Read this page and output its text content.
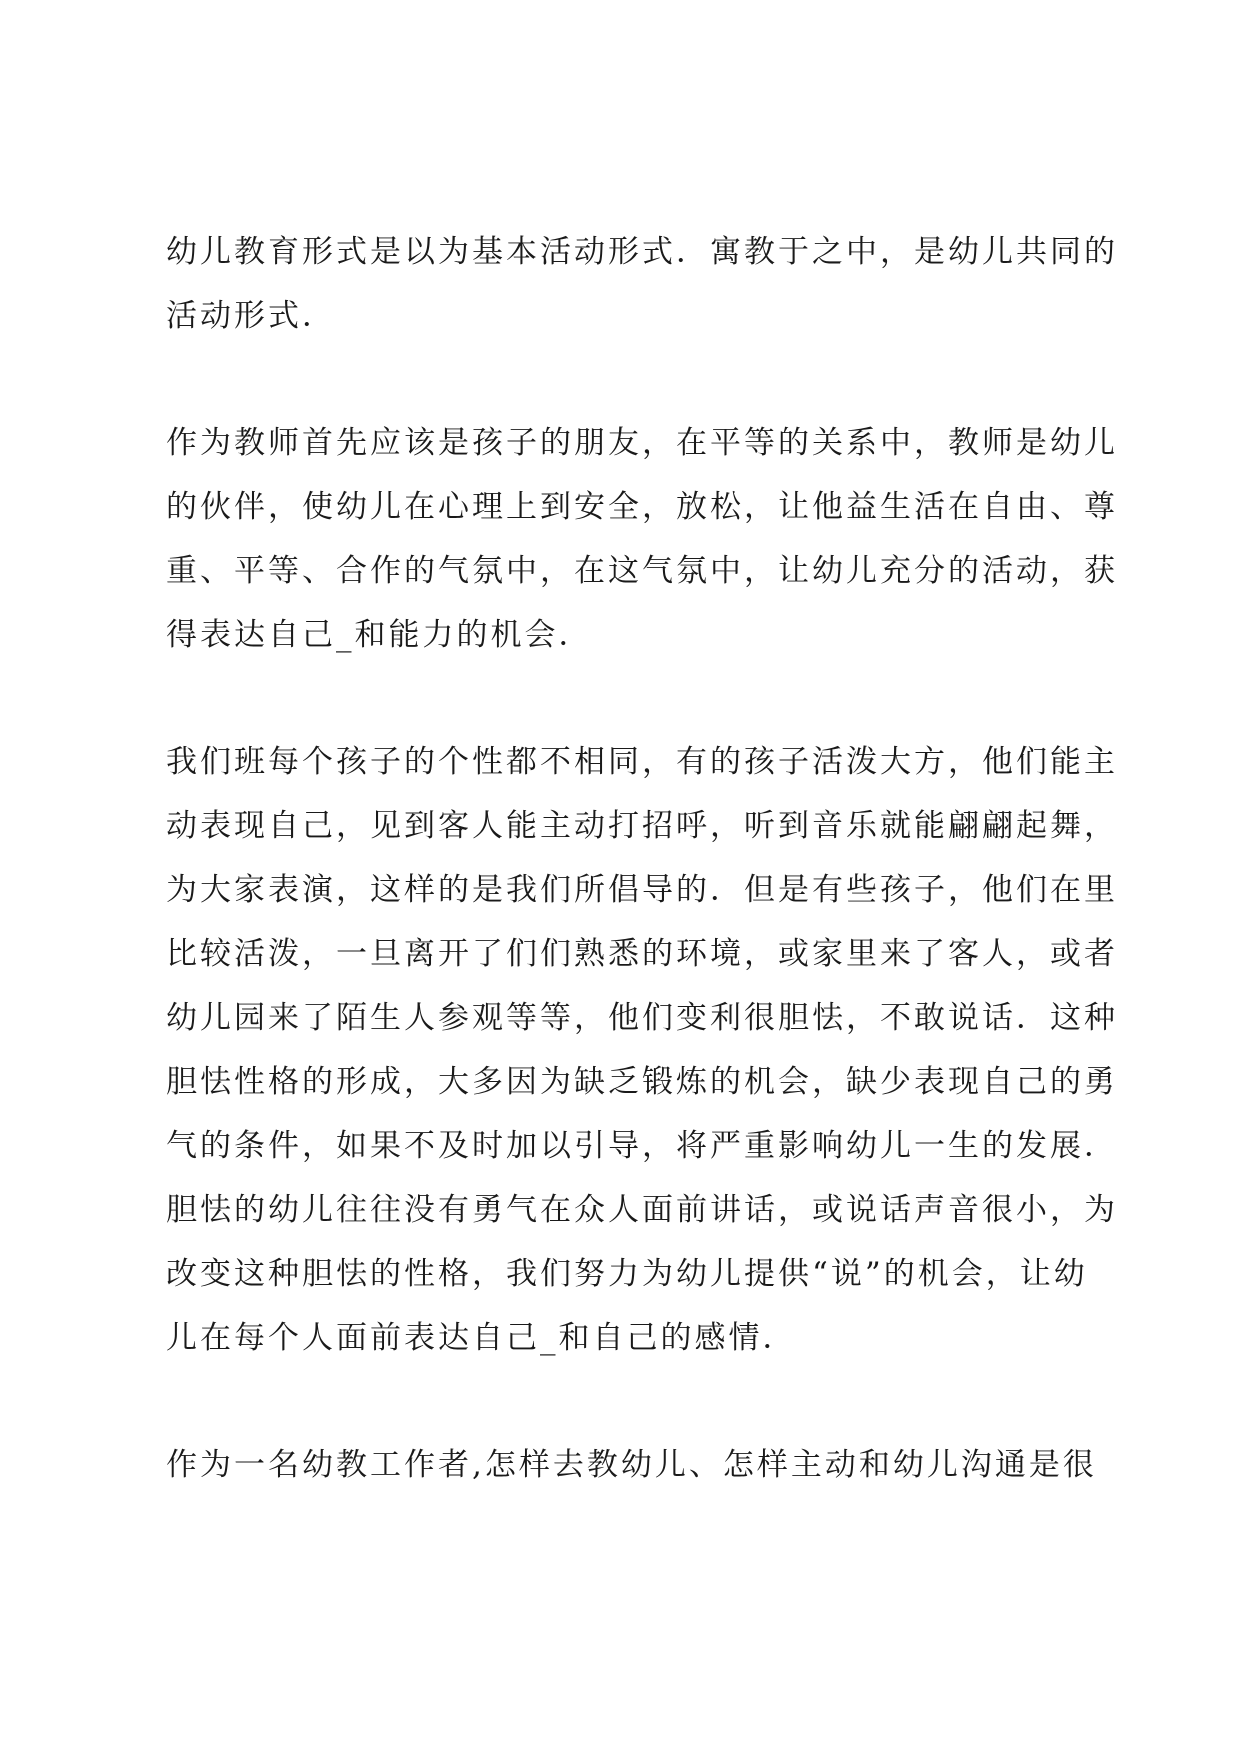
幼儿教育形式是以为基本活动形式．寓教于之中，是幼儿共同的
活动形式．

作为教师首先应该是孩子的朋友，在平等的关系中，教师是幼儿
的伙伴，使幼儿在心理上到安全，放松，让他益生活在自由、尊
重、平等、合作的气氛中，在这气氛中，让幼儿充分的活动，获
得表达自己_和能力的机会．

我们班每个孩子的个性都不相同，有的孩子活泼大方，他们能主
动表现自己，见到客人能主动打招呼，听到音乐就能翩翩起舞，
为大家表演，这样的是我们所倡导的．但是有些孩子，他们在里
比较活泼，一旦离开了们们熟悉的环境，或家里来了客人，或者
幼儿园来了陌生人参观等等，他们变利很胆怯，不敢说话．这种
胆怯性格的形成，大多因为缺乏锻炼的机会，缺少表现自己的勇
气的条件，如果不及时加以引导，将严重影响幼儿一生的发展．
胆怯的幼儿往往没有勇气在众人面前讲话，或说话声音很小，为
改变这种胆怯的性格，我们努力为幼儿提供“说”的机会，让幼
儿在每个人面前表达自己_和自己的感情．

作为一名幼教工作者,怎样去教幼儿、怎样主动和幼儿沟通是很
